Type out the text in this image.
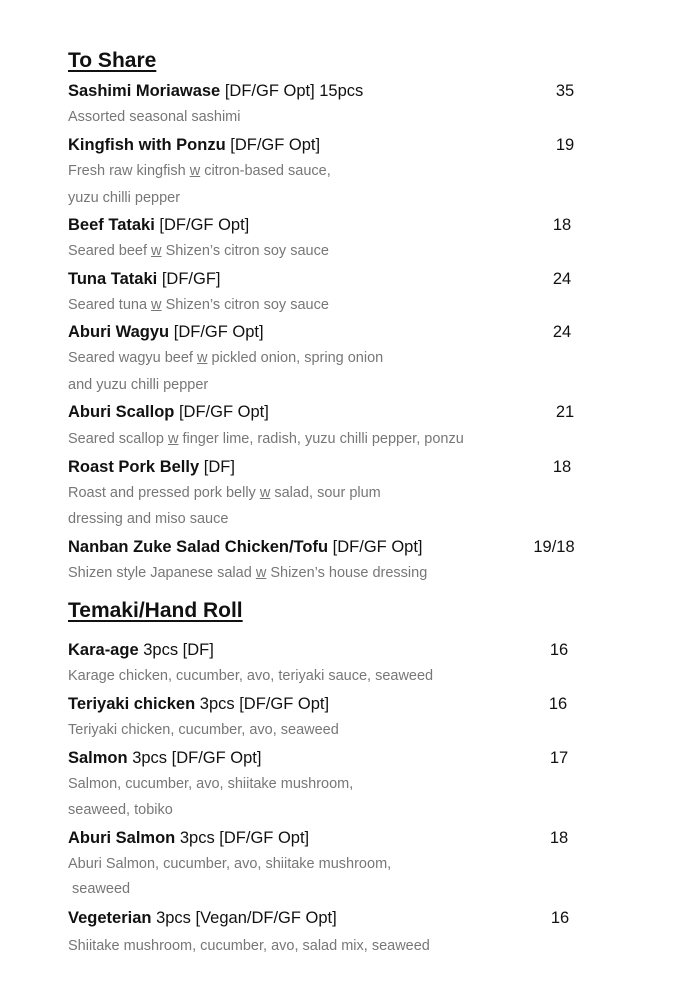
To Share
Sashimi Moriawase [DF/GF Opt] 15pcs	35
Assorted seasonal sashimi
Kingfish with Ponzu [DF/GF Opt]	19
Fresh raw kingfish w citron-based sauce,
yuzu chilli pepper
Beef Tataki [DF/GF Opt]	18
Seared beef w Shizen’s citron soy sauce
Tuna Tataki [DF/GF]	24
Seared tuna w Shizen’s citron soy sauce
Aburi Wagyu [DF/GF Opt]	24
Seared wagyu beef w pickled onion, spring onion
and yuzu chilli pepper
Aburi Scallop [DF/GF Opt]	21
Seared scallop w finger lime, radish, yuzu chilli pepper, ponzu
Roast Pork Belly [DF]	18
Roast and pressed pork belly w salad, sour plum
dressing and miso sauce
Nanban Zuke Salad Chicken/Tofu [DF/GF Opt]	19/18
Shizen style Japanese salad w Shizen’s house dressing
Temaki/Hand Roll
Kara-age 3pcs [DF]	16
Karage chicken, cucumber, avo, teriyaki sauce, seaweed
Teriyaki chicken 3pcs [DF/GF Opt]	16
Teriyaki chicken, cucumber, avo, seaweed
Salmon 3pcs [DF/GF Opt]	17
Salmon, cucumber, avo, shiitake mushroom,
seaweed, tobiko
Aburi Salmon 3pcs [DF/GF Opt]	18
Aburi Salmon, cucumber, avo, shiitake mushroom,
seaweed
Vegeterian 3pcs [Vegan/DF/GF Opt]	16
Shiitake mushroom, cucumber, avo, salad mix, seaweed
